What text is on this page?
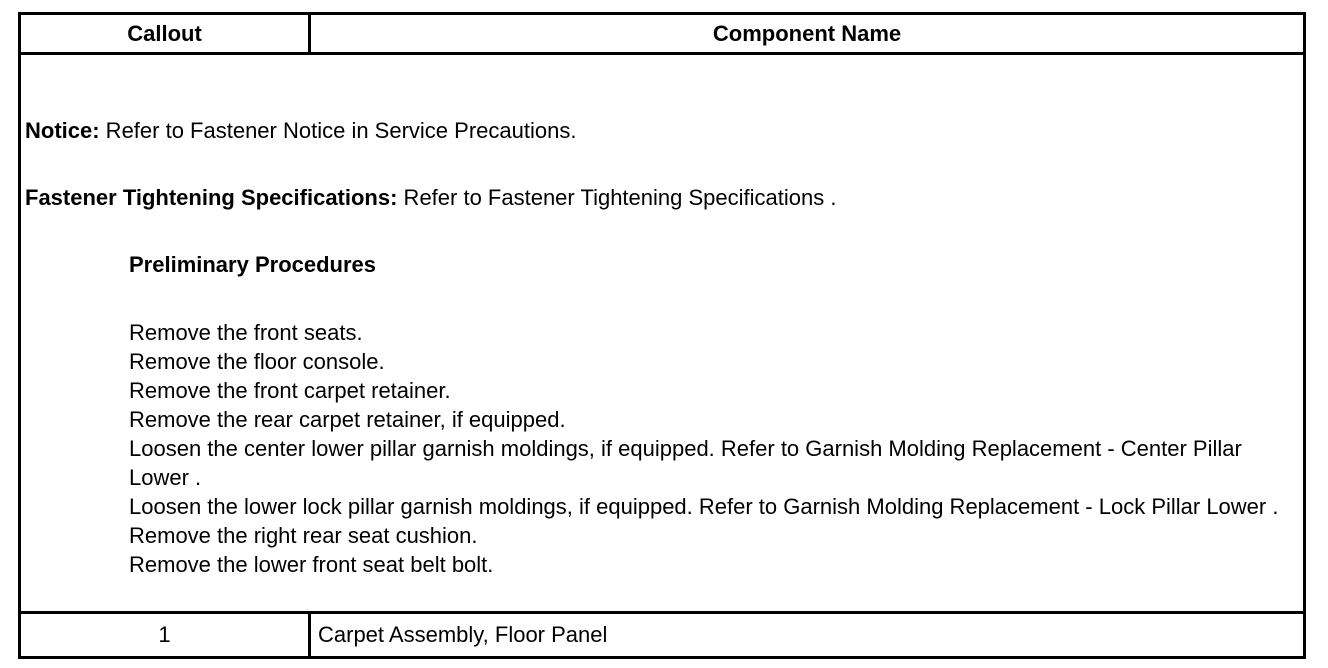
Callout	Component Name

Notice: Refer to Fastener Notice in Service Precautions.

Fastener Tightening Specifications: Refer to Fastener Tightening Specifications .

Preliminary Procedures

Remove the front seats.
Remove the floor console.
Remove the front carpet retainer.
Remove the rear carpet retainer, if equipped.
Loosen the center lower pillar garnish moldings, if equipped. Refer to Garnish Molding Replacement - Center Pillar Lower .
Loosen the lower lock pillar garnish moldings, if equipped. Refer to Garnish Molding Replacement - Lock Pillar Lower .
Remove the right rear seat cushion.
Remove the lower front seat belt bolt.
1	Carpet Assembly, Floor Panel
